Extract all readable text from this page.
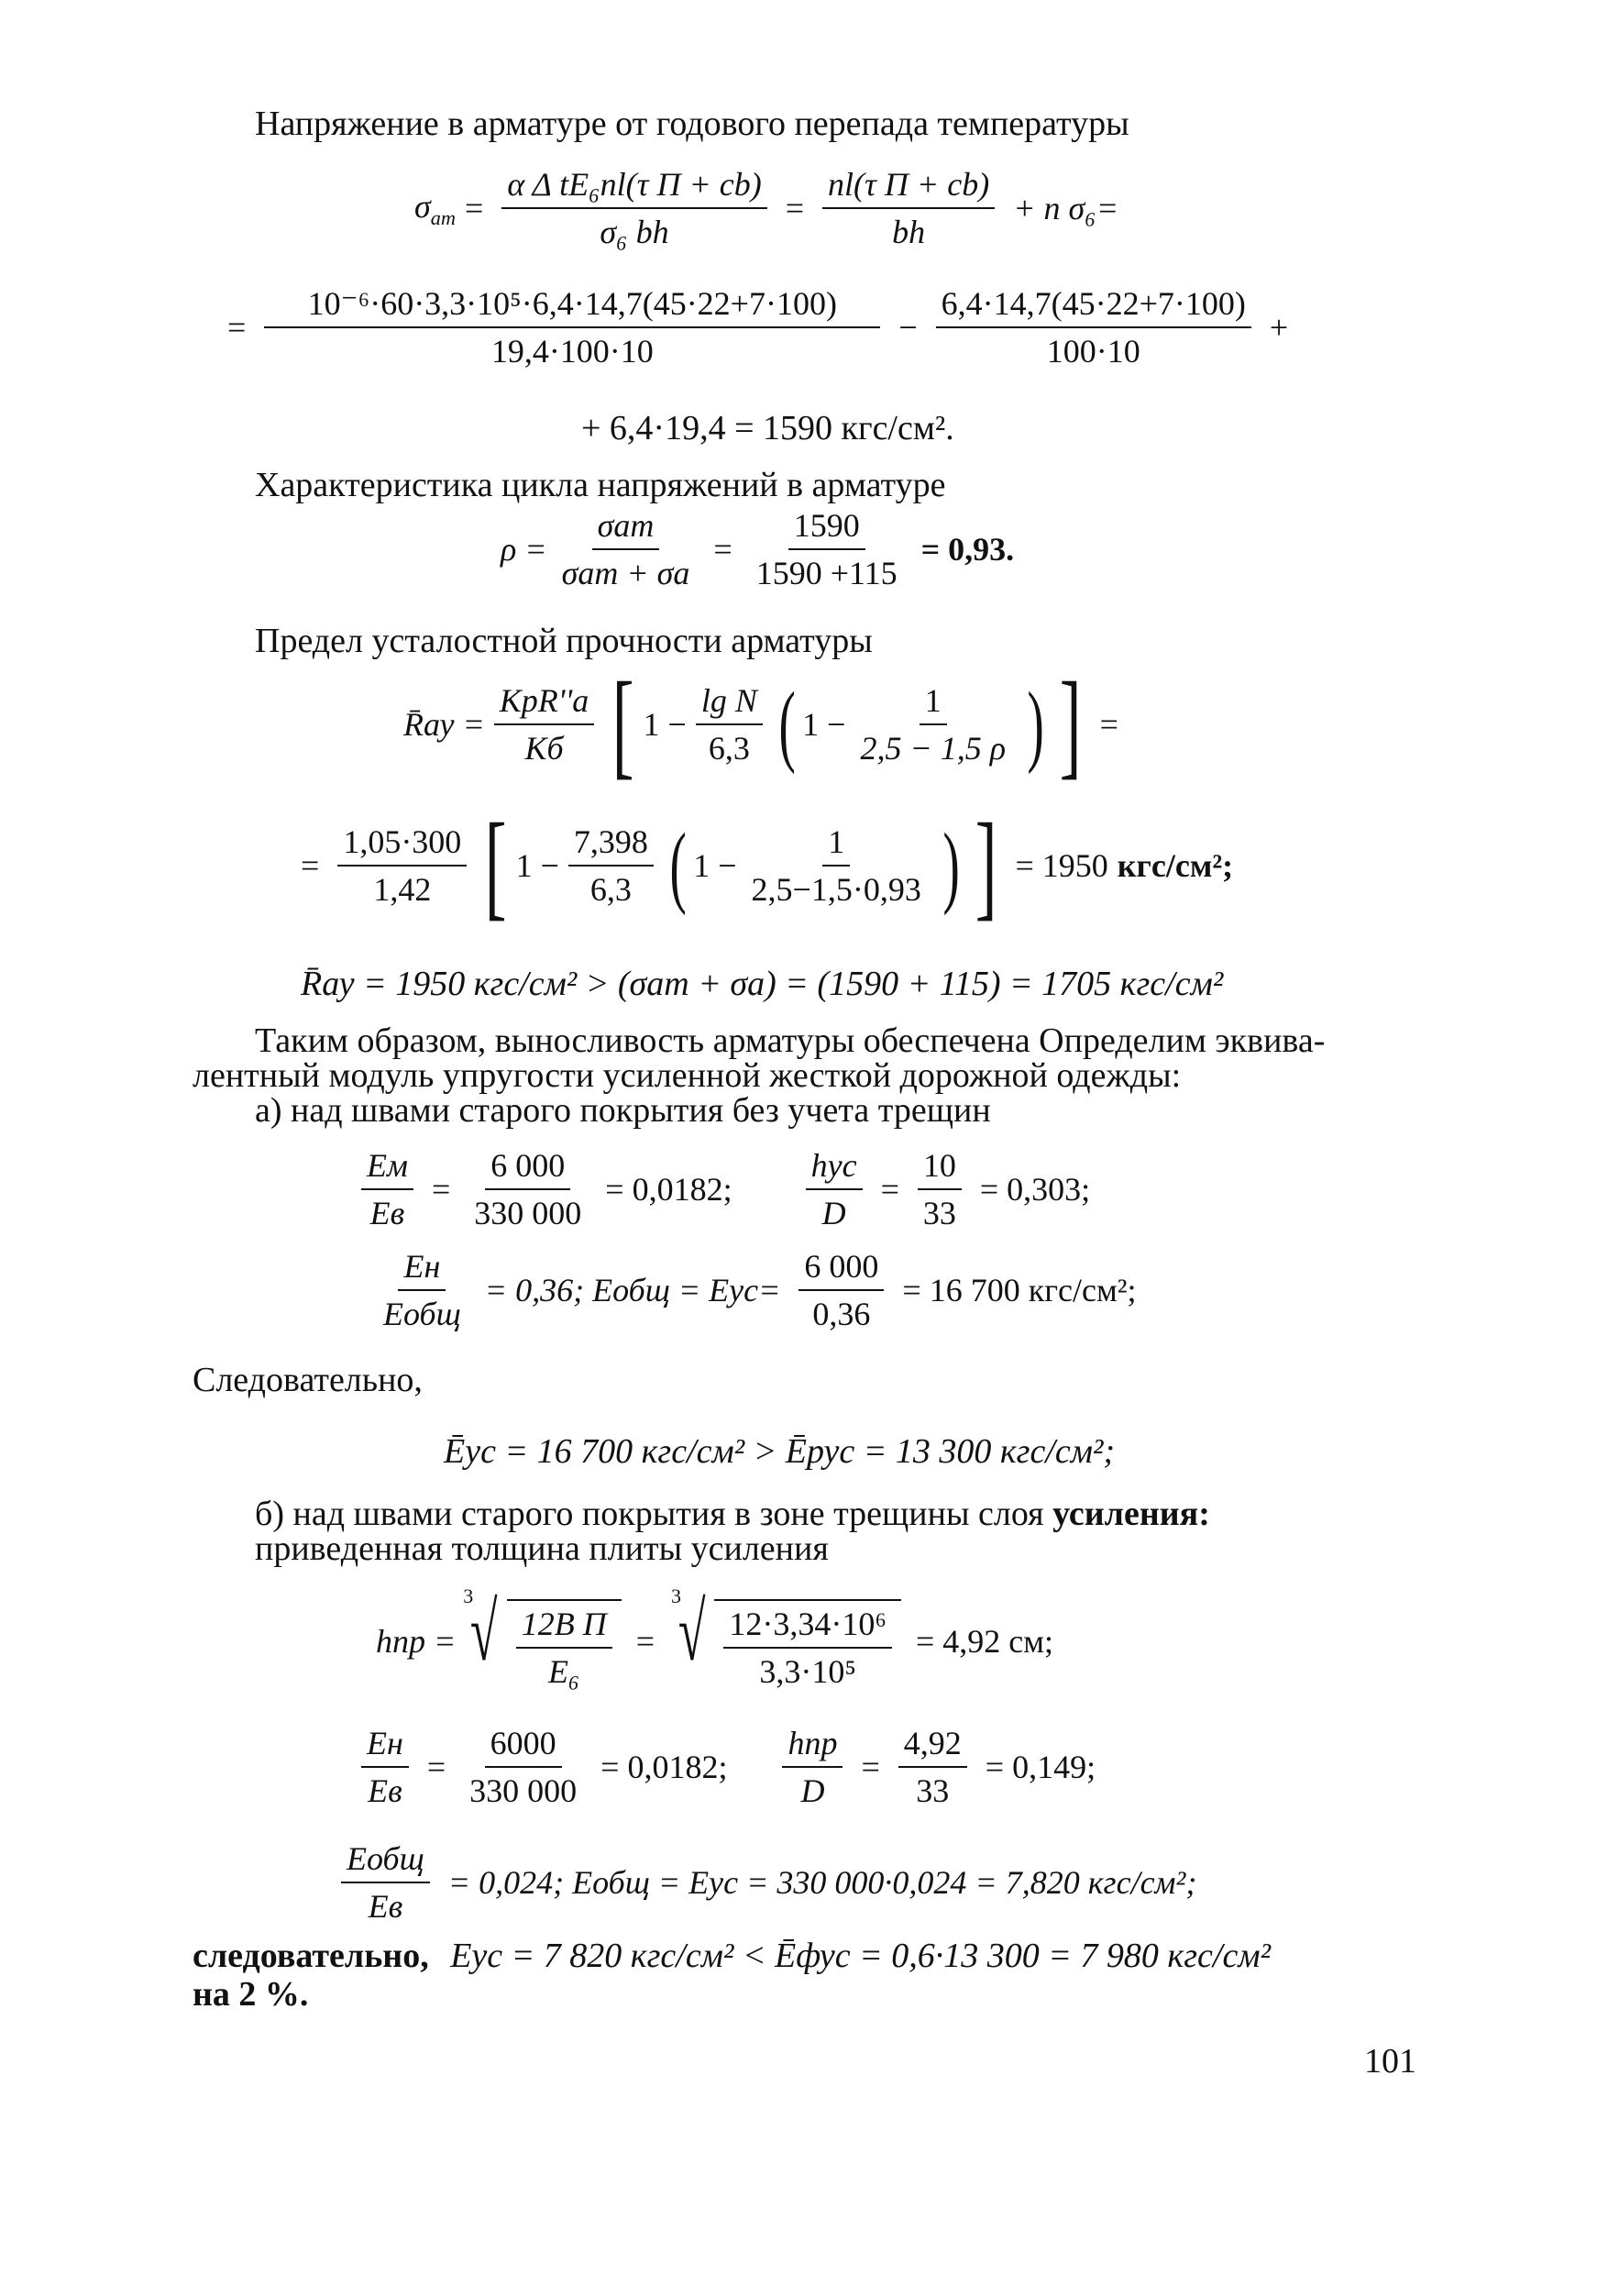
Напряжение в арматуре от годового перепада температуры
$\sigma_{ат} = \frac{\text{α Δ tE₆nl(τ П + cb)}}{\text{σ₆ bh}} = \frac{\text{nl(τ П + cb)}}{bh} + n$ σ₆=
= $\frac{\text{10⁻⁶·60·3,3·10⁵·6,4·14,7(45·22+7·100)}}{19,4\cdot 100\cdot 10} - \frac{6,4\cdot 14,7(45\cdot 22+7\cdot 100)}{100\cdot 10}$ +
+ 6,4·19,4 = 1590 кгс/см².
Характеристика цикла напряжений в арматуре
$\rho = \frac{\text{σат}}{\text{σат + σа}} = \frac{1590}{1590 +115} = 0,93$.
Предел усталостной прочности арматуры
R̄ау = $\frac{\text{KрR''а}}{Kб}$ [ $1 - \frac{\text{lg N}}{6,3}$ ( $1 - \frac{1}{2,5 - 1,5 \rho}$ ) ] =
= $\frac{1,05\cdot 300}{1,42}$ [ $1 - \frac{7,398}{6,3}$ ( $1 - \frac{1}{2,5-1,5\cdot 0,93}$ ) ] = 1950 кгс/см²;
R̄ау = 1950 кгс/см² > (σат + σа) = (1590 + 115) = 1705 кгс/см²
Таким образом, выносливость арматуры обеспечена Определим эквива-
лентный модуль упругости усиленной жесткой дорожной одежды:
а) над швами старого покрытия без учета трещин
$\frac{Eм}{Eв} = \frac{6 000}{330 000} = 0,0182$; $\frac{\text{hус}}{D} = \frac{10}{33} = 0,303$;
$\frac{Eн}{\text{Eобщ}} = 0,36$; Eобщ = $Eус= \frac{6 000}{0,36} = 16$ 700 кгс/см²;
Следовательно,
Ēус = 16 700 кгс/см² > Ēрус = 13 300 кгс/см²;
б) над швами старого покрытия в зоне трещины слоя усиления:
приведенная толщина плиты усиления
hпр =
3
√ $\frac{\text{12B П}}{\text{E₆}}$ =
3
√ $\frac{\text{12·3,34·10⁶}}{\text{3,3·10⁵}} = 4,92$ см;
$\frac{Eн}{Eв} = \frac{6000}{330 000} = 0,0182$; $\frac{\text{hпр}}{D} = \frac{4,92}{33} = 0,149$;
$\frac{\text{Eобщ}}{Eв} = 0,024$; Eобщ = Eус = 330 000·0,024 = 7,820 кгс/см²;
следовательно, Eус = 7 820 кгс/см² < Ēфус = 0,6·13 300 = 7 980 кгс/см²
на 2 %.
101
